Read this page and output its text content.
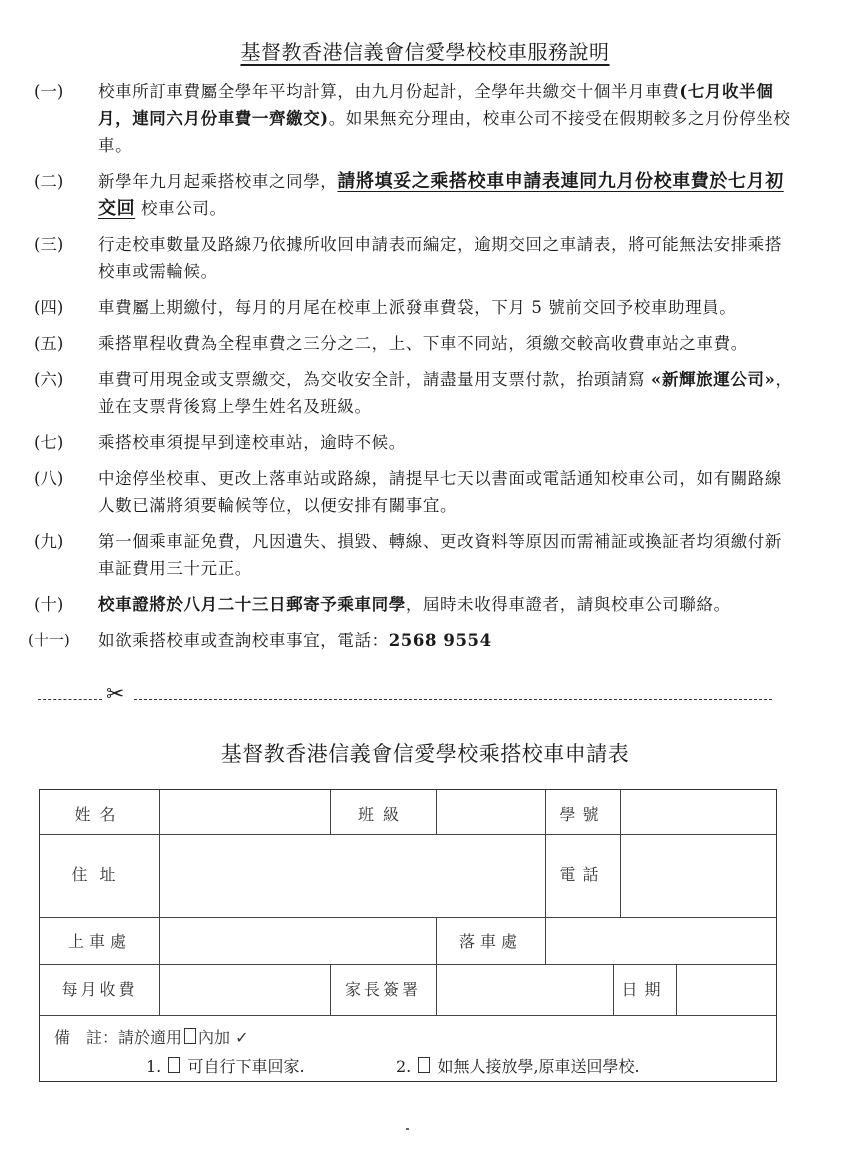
基督教香港信義會信愛學校校車服務說明
(一)	校車所訂車費屬全學年平均計算，由九月份起計，全學年共繳交十個半月車費(七月收半個月，連同六月份車費一齊繳交)。如果無充分理由，校車公司不接受在假期較多之月份停坐校車。
(二)	新學年九月起乘搭校車之同學，請將填妥之乘搭校車申請表連同九月份校車費於七月初交回 校車公司。
(三)	行走校車數量及路線乃依據所收回申請表而編定，逾期交回之車請表，將可能無法安排乘搭校車或需輪候。
(四)	車費屬上期繳付，每月的月尾在校車上派發車費袋，下月 5 號前交回予校車助理員。
(五)	乘搭單程收費為全程車費之三分之二，上、下車不同站，須繳交較高收費車站之車費。
(六)	車費可用現金或支票繳交，為交收安全計，請盡量用支票付款，抬頭請寫 «新輝旅運公司»，並在支票背後寫上學生姓名及班級。
(七)	乘搭校車須提早到達校車站，逾時不候。
(八)	中途停坐校車、更改上落車站或路線，請提早七天以書面或電話通知校車公司，如有關路線人數已滿將須要輪候等位，以便安排有關事宜。
(九)	第一個乘車証免費，凡因遺失、損毀、轉線、更改資料等原因而需補証或換証者均須繳付新車証費用三十元正。
(十)	校車證將於八月二十三日郵寄予乘車同學，屆時未收得車證者，請與校車公司聯絡。
(十一)	如欲乘搭校車或查詢校車事宜，電話：2568 9554
✂
基督教香港信義會信愛學校乘搭校車申請表
姓名	班級	學號
住址	電話
上車處	落車處
每月收費	家長簽署	日期
備　註：請於適用 內加 ✓
1. 可自行下車回家.	2. 如無人接放學,原車送回學校.
